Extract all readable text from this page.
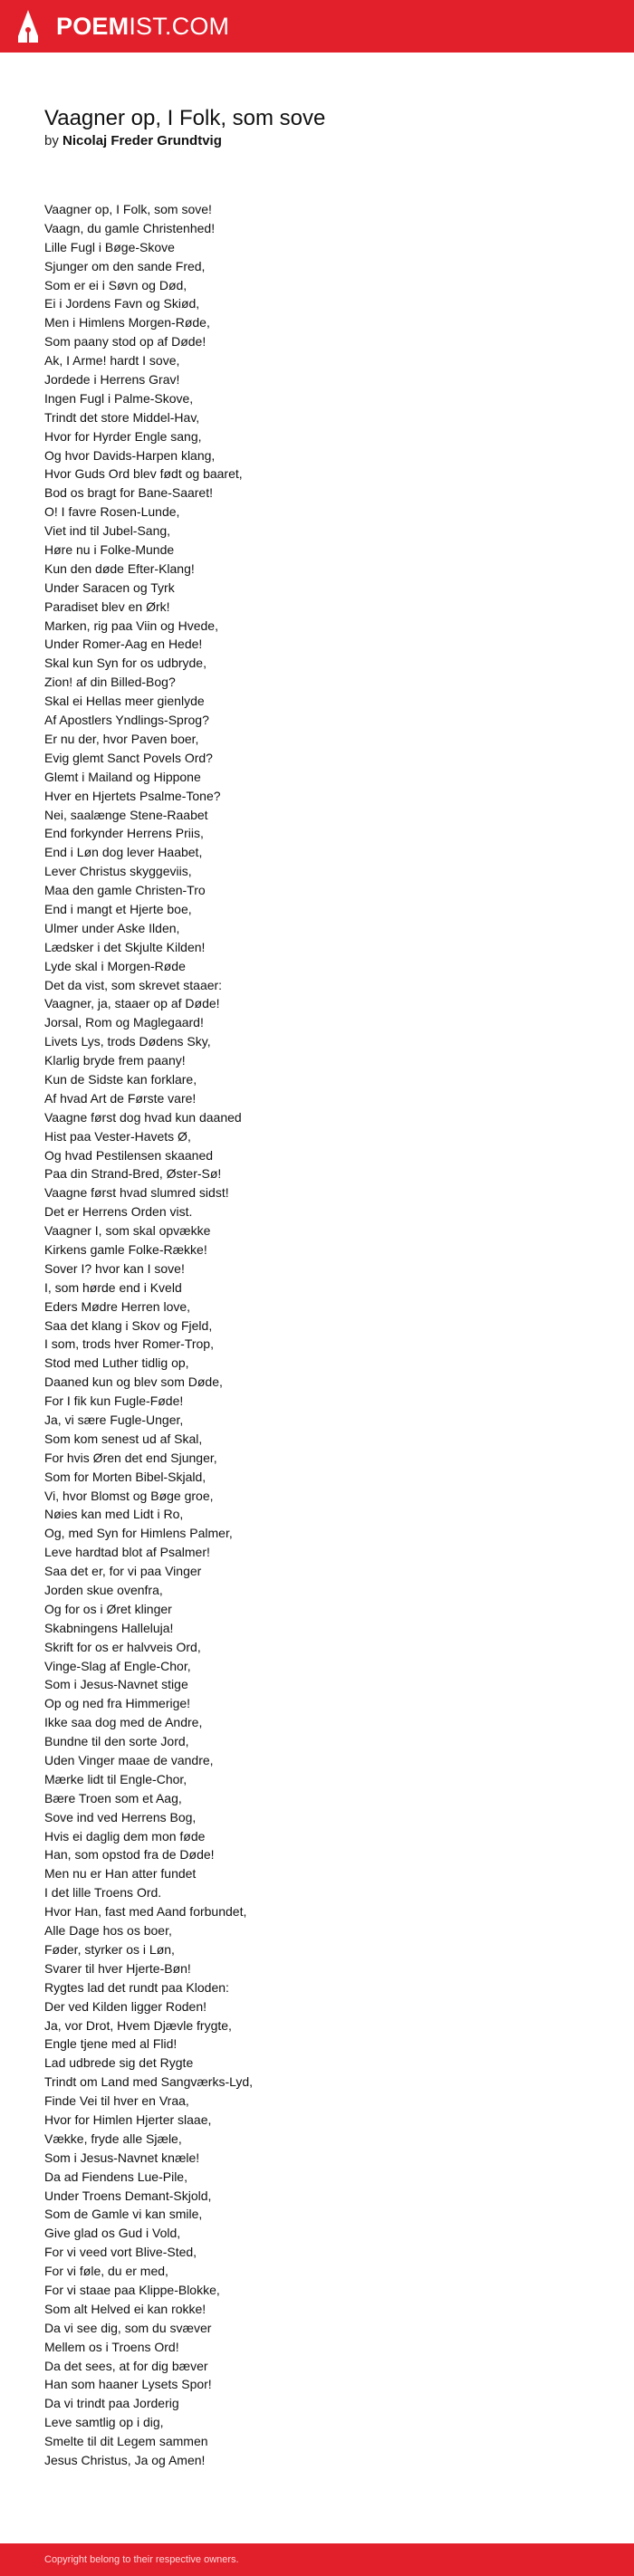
POEMIST.COM
Vaagner op, I Folk, som sove
by Nicolaj Freder Grundtvig
Vaagner op, I Folk, som sove!
Vaagn, du gamle Christenhed!
Lille Fugl i Bøge-Skove
Sjunger om den sande Fred,
Som er ei i Søvn og Død,
Ei i Jordens Favn og Skiød,
Men i Himlens Morgen-Røde,
Som paany stod op af Døde!
Ak, I Arme! hardt I sove,
Jordede i Herrens Grav!
Ingen Fugl i Palme-Skove,
Trindt det store Middel-Hav,
Hvor for Hyrder Engle sang,
Og hvor Davids-Harpen klang,
Hvor Guds Ord blev født og baaret,
Bod os bragt for Bane-Saaret!
O! I favre Rosen-Lunde,
Viet ind til Jubel-Sang,
Høre nu i Folke-Munde
Kun den døde Efter-Klang!
Under Saracen og Tyrk
Paradiset blev en Ørk!
Marken, rig paa Viin og Hvede,
Under Romer-Aag en Hede!
Skal kun Syn for os udbryde,
Zion! af din Billed-Bog?
Skal ei Hellas meer gienlyde
Af Apostlers Yndlings-Sprog?
Er nu der, hvor Paven boer,
Evig glemt Sanct Povels Ord?
Glemt i Mailand og Hippone
Hver en Hjertets Psalme-Tone?
Nei, saalænge Stene-Raabet
End forkynder Herrens Priis,
End i Løn dog lever Haabet,
Lever Christus skyggeviis,
Maa den gamle Christen-Tro
End i mangt et Hjerte boe,
Ulmer under Aske Ilden,
Lædsker i det Skjulte Kilden!
Lyde skal i Morgen-Røde
Det da vist, som skrevet staaer:
Vaagner, ja, staaer op af Døde!
Jorsal, Rom og Maglegaard!
Livets Lys, trods Dødens Sky,
Klarlig bryde frem paany!
Kun de Sidste kan forklare,
Af hvad Art de Første vare!
Vaagne først dog hvad kun daaned
Hist paa Vester-Havets Ø,
Og hvad Pestilensen skaaned
Paa din Strand-Bred, Øster-Sø!
Vaagne først hvad slumred sidst!
Det er Herrens Orden vist.
Vaagner I, som skal opvække
Kirkens gamle Folke-Række!
Sover I? hvor kan I sove!
I, som hørde end i Kveld
Eders Mødre Herren love,
Saa det klang i Skov og Fjeld,
I som, trods hver Romer-Trop,
Stod med Luther tidlig op,
Daaned kun og blev som Døde,
For I fik kun Fugle-Føde!
Ja, vi sære Fugle-Unger,
Som kom senest ud af Skal,
For hvis Øren det end Sjunger,
Som for Morten Bibel-Skjald,
Vi, hvor Blomst og Bøge groe,
Nøies kan med Lidt i Ro,
Og, med Syn for Himlens Palmer,
Leve hardtad blot af Psalmer!
Saa det er, for vi paa Vinger
Jorden skue ovenfra,
Og for os i Øret klinger
Skabningens Halleluja!
Skrift for os er halvveis Ord,
Vinge-Slag af Engle-Chor,
Som i Jesus-Navnet stige
Op og ned fra Himmerige!
Ikke saa dog med de Andre,
Bundne til den sorte Jord,
Uden Vinger maae de vandre,
Mærke lidt til Engle-Chor,
Bære Troen som et Aag,
Sove ind ved Herrens Bog,
Hvis ei daglig dem mon føde
Han, som opstod fra de Døde!
Men nu er Han atter fundet
I det lille Troens Ord.
Hvor Han, fast med Aand forbundet,
Alle Dage hos os boer,
Føder, styrker os i Løn,
Svarer til hver Hjerte-Bøn!
Rygtes lad det rundt paa Kloden:
Der ved Kilden ligger Roden!
Ja, vor Drot, Hvem Djævle frygte,
Engle tjene med al Flid!
Lad udbrede sig det Rygte
Trindt om Land med Sangværks-Lyd,
Finde Vei til hver en Vraa,
Hvor for Himlen Hjerter slaae,
Vække, fryde alle Sjæle,
Som i Jesus-Navnet knæle!
Da ad Fiendens Lue-Pile,
Under Troens Demant-Skjold,
Som de Gamle vi kan smile,
Give glad os Gud i Vold,
For vi veed vort Blive-Sted,
For vi føle, du er med,
For vi staae paa Klippe-Blokke,
Som alt Helved ei kan rokke!
Da vi see dig, som du svæver
Mellem os i Troens Ord!
Da det sees, at for dig bæver
Han som haaner Lysets Spor!
Da vi trindt paa Jorderig
Leve samtlig op i dig,
Smelte til dit Legem sammen
Jesus Christus, Ja og Amen!
Copyright belong to their respective owners.
